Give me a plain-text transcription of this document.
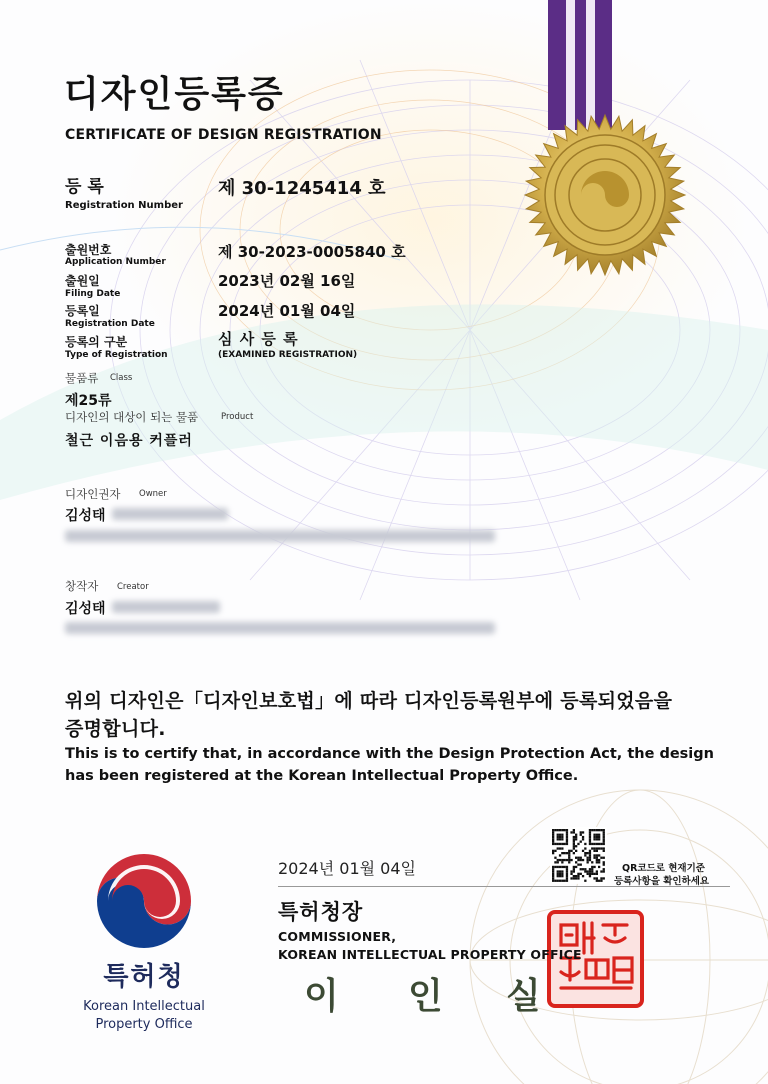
디자인등록증
CERTIFICATE OF DESIGN REGISTRATION
등 록
Registration Number
제 30-1245414 호
출원번호
Application Number
제 30-2023-0005840 호
출원일
Filing Date
2023년 02월 16일
등록일
Registration Date
2024년 01월 04일
등록의 구분
Type of Registration
심 사 등 록
(EXAMINED REGISTRATION)
물품류 Class
제25류
디자인의 대상이 되는 물품	Product
철근 이음용 커플러
디자인권자 Owner
김성태
창작자 Creator
김성태
위의 디자인은「디자인보호법」에 따라 디자인등록원부에 등록되었음을
증명합니다.
This is to certify that, in accordance with the Design Protection Act, the design
has been registered at the Korean Intellectual Property Office.
2024년 01월 04일	QR코드로 현재기준
등록사항을 확인하세요
특허청장
COMMISSIONER,
KOREAN INTELLECTUAL PROPERTY OFFICE
이 인 실
특허청
Korean Intellectual
Property Office
